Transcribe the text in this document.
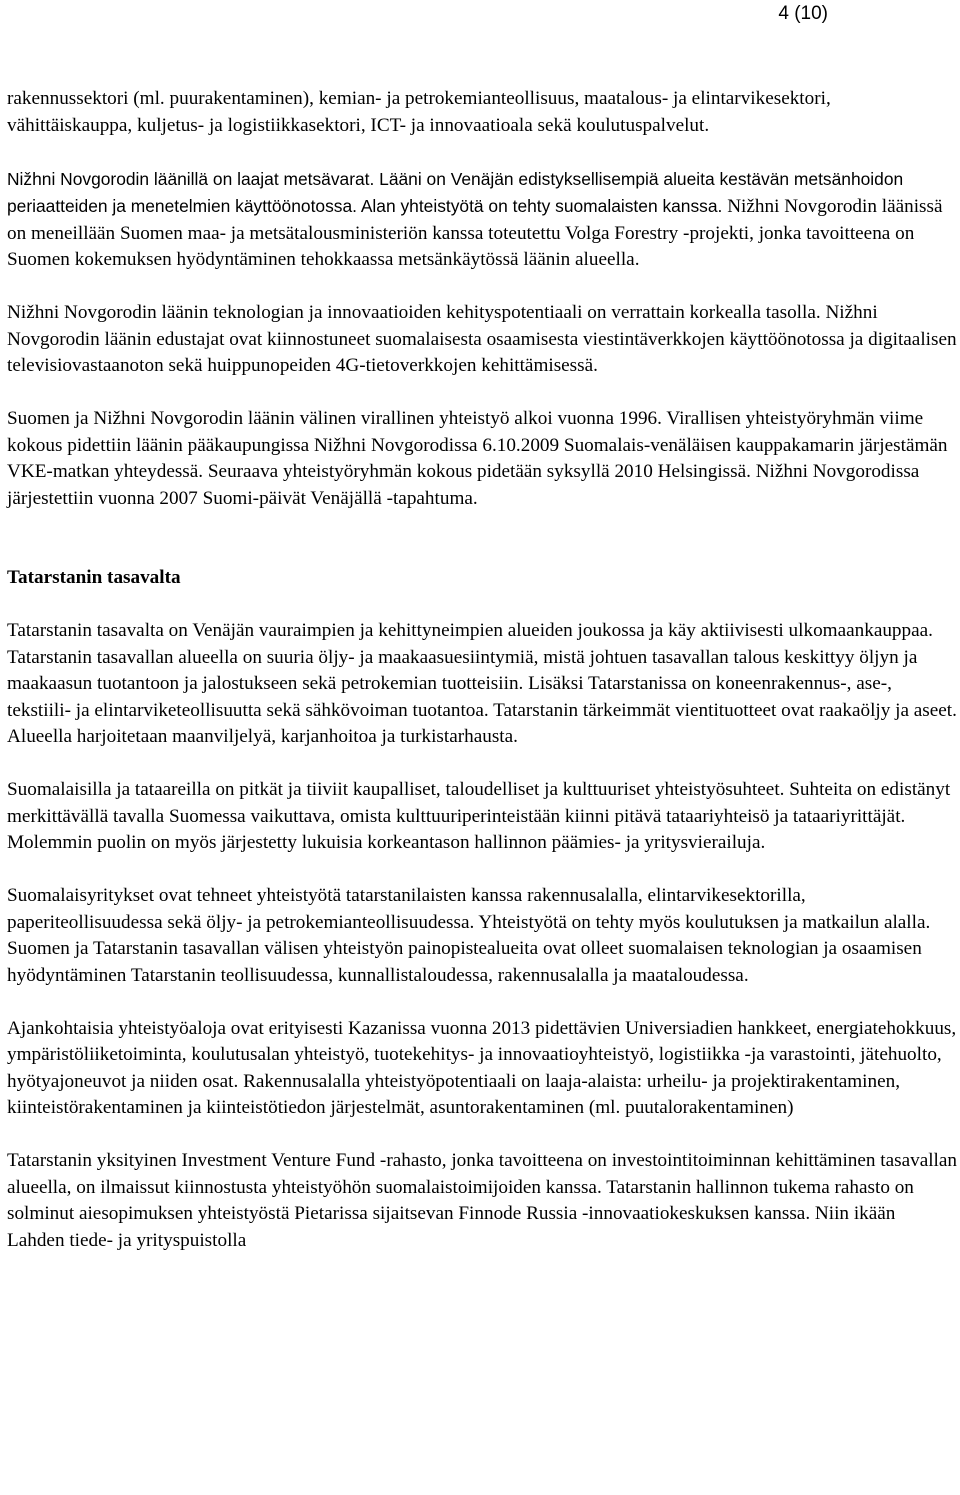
4 (10)

rakennussektori (ml. puurakentaminen), kemian- ja petrokemianteollisuus, maatalous- ja elintarvikesektori, vähittäiskauppa, kuljetus- ja logistiikkasektori, ICT- ja innovaatioala sekä koulutuspalvelut.

Nižhni Novgorodin läänillä on laajat metsävarat. Lääni on Venäjän edistyksellisempiä alueita kestävän metsänhoidon periaatteiden ja menetelmien käyttöönotossa. Alan yhteistyötä on tehty suomalaisten kanssa. Nižhni Novgorodin läänissä on meneillään Suomen maa- ja metsätalousministeriön kanssa toteutettu Volga Forestry -projekti, jonka tavoitteena on Suomen kokemuksen hyödyntäminen tehokkaassa metsänkäytössä läänin alueella.

Nižhni Novgorodin läänin teknologian ja innovaatioiden kehityspotentiaali on verrattain korkealla tasolla. Nižhni Novgorodin läänin edustajat ovat kiinnostuneet suomalaisesta osaamisesta viestintäverkkojen käyttöönotossa ja digitaalisen televisiovastaanoton sekä huippunopeiden 4G-tietoverkkojen kehittämisessä.

Suomen ja Nižhni Novgorodin läänin välinen virallinen yhteistyö alkoi vuonna 1996. Virallisen yhteistyöryhmän viime kokous pidettiin läänin pääkaupungissa Nižhni Novgorodissa 6.10.2009 Suomalais-venäläisen kauppakamarin järjestämän VKE-matkan yhteydessä. Seuraava yhteistyöryhmän kokous pidetään syksyllä 2010 Helsingissä. Nižhni Novgorodissa järjestettiin vuonna 2007 Suomi-päivät Venäjällä -tapahtuma.

Tatarstanin tasavalta

Tatarstanin tasavalta on Venäjän vauraimpien ja kehittyneimpien alueiden joukossa ja käy aktiivisesti ulkomaankauppaa. Tatarstanin tasavallan alueella on suuria öljy- ja maakaasuesiintymiä, mistä johtuen tasavallan talous keskittyy öljyn ja maakaasun tuotantoon ja jalostukseen sekä petrokemian tuotteisiin. Lisäksi Tatarstanissa on koneenrakennus-, ase-, tekstiili- ja elintarviketeollisuutta sekä sähkövoiman tuotantoa. Tatarstanin tärkeimmät vientituotteet ovat raakaöljy ja aseet. Alueella harjoitetaan maanviljelyä, karjanhoitoa ja turkistarhausta.

Suomalaisilla ja tataareilla on pitkät ja tiiviit kaupalliset, taloudelliset ja kulttuuriset yhteistyösuhteet. Suhteita on edistänyt merkittävällä tavalla Suomessa vaikuttava, omista kulttuuriperinteistään kiinni pitävä tataariyhteisö ja tataariyrittäjät. Molemmin puolin on myös järjestetty lukuisia korkeantason hallinnon päämies- ja yritysvierailuja.

Suomalaisyritykset ovat tehneet yhteistyötä tatarstanilaisten kanssa rakennusalalla, elintarvikesektorilla, paperiteollisuudessa sekä öljy- ja petrokemianteollisuudessa. Yhteistyötä on tehty myös koulutuksen ja matkailun alalla. Suomen ja Tatarstanin tasavallan välisen yhteistyön painopistealueita ovat olleet suomalaisen teknologian ja osaamisen hyödyntäminen Tatarstanin teollisuudessa, kunnallistaloudessa, rakennusalalla ja maataloudessa.

Ajankohtaisia yhteistyöaloja ovat erityisesti Kazanissa vuonna 2013 pidettävien Universiadien hankkeet, energiatehokkuus, ympäristöliiketoiminta, koulutusalan yhteistyö, tuotekehitys- ja innovaatioyhteistyö, logistiikka -ja varastointi, jätehuolto, hyötyajoneuvot ja niiden osat. Rakennusalalla yhteistyöpotentiaali on laaja-alaista: urheilu- ja projektirakentaminen, kiinteistörakentaminen ja kiinteistötiedon järjestelmät, asuntorakentaminen (ml. puutalorakentaminen)

Tatarstanin yksityinen Investment Venture Fund -rahasto, jonka tavoitteena on investointitoiminnan kehittäminen tasavallan alueella, on ilmaissut kiinnostusta yhteistyöhön suomalaistoimijoiden kanssa. Tatarstanin hallinnon tukema rahasto on solminut aiesopimuksen yhteistyöstä Pietarissa sijaitsevan Finnode Russia -innovaatiokeskuksen kanssa. Niin ikään Lahden tiede- ja yrityspuistolla
